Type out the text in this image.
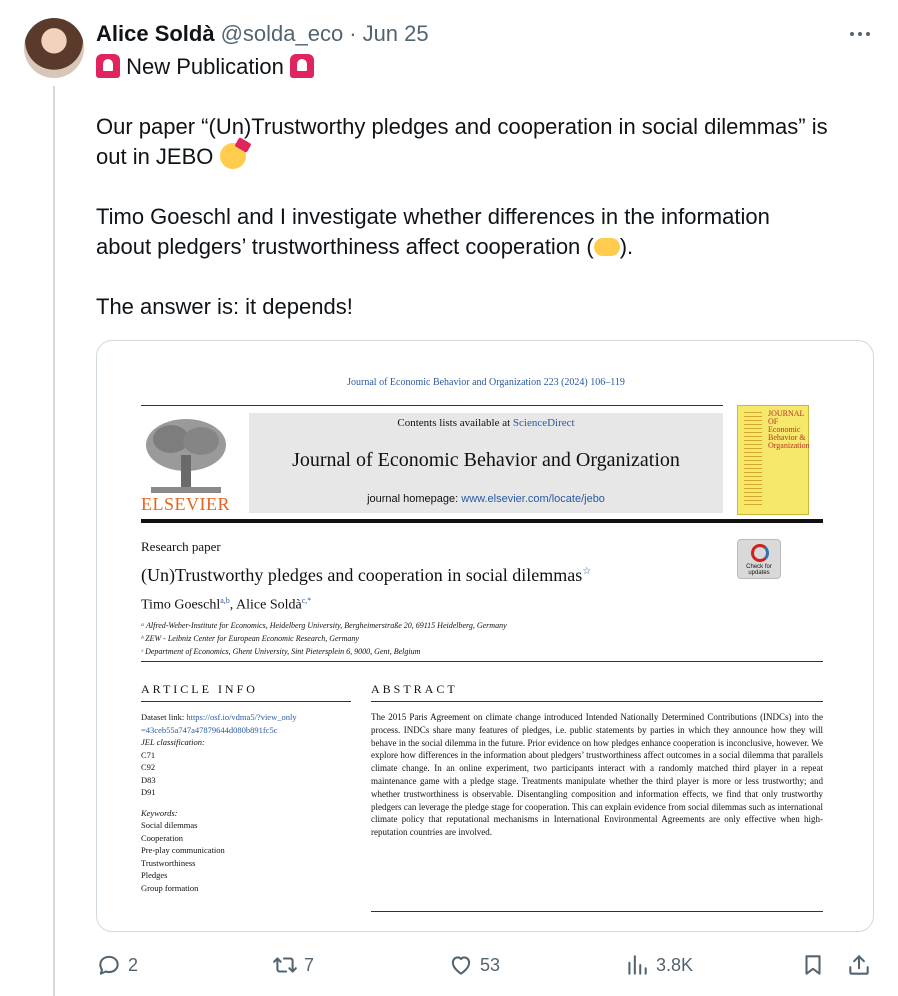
Alice Soldà @solda_eco · Jun 25
New Publication
Our paper “(Un)Trustworthy pledges and cooperation in social dilemmas” is
out in JEBO
Timo Goeschl and I investigate whether differences in the information
about pledgers’ trustworthiness affect cooperation ( ).
The answer is: it depends!
Journal of Economic Behavior and Organization 223 (2024) 106–119
ELSEVIER
Contents lists available at ScienceDirect
Journal of Economic Behavior and Organization
journal homepage: www.elsevier.com/locate/jebo
JOURNAL OF Economic Behavior & Organization
Research paper
(Un)Trustworthy pledges and cooperation in social dilemmas☆	Check for updates
Timo Goeschl$^{a,b}$, Alice Soldà$^{c,*}$
ᵃ Alfred-Weber-Institute for Economics, Heidelberg University, Bergheimerstraße 20, 69115 Heidelberg, Germany
ᵇ ZEW - Leibniz Center for European Economic Research, Germany
ᶜ Department of Economics, Ghent University, Sint Pietersplein 6, 9000, Gent, Belgium
ARTICLE INFO	ABSTRACT
Dataset link: https://osf.io/vdma5/?view_only
=43ceb55a747a47879644d080b891fc5c
JEL classification:
C71
C92
D83
D91
Keywords:
Social dilemmas
Cooperation
Pre-play communication
Trustworthiness
Pledges
Group formation
The 2015 Paris Agreement on climate change introduced Intended Nationally Determined Contributions (INDCs) into the process. INDCs share many features of pledges, i.e. public statements by parties in which they announce how they will behave in the social dilemma in the future. Prior evidence on how pledges enhance cooperation is inconclusive, however. We explore how differences in the information about pledgers’ trustworthiness affect outcomes in a social dilemma that parallels climate change. In an online experiment, two participants interact with a randomly matched third player in a repeat maintenance game with a pledge stage. Treatments manipulate whether the third player is more or less trustworthy; and whether trustworthiness is observable. Disentangling composition and information effects, we find that only trustworthy pledgers can leverage the pledge stage for cooperation. This can explain evidence from social dilemmas such as international climate policy that reputational mechanisms in International Environmental Agreements are only effective when high-reputation countries are involved.
2	7	53	3.8K
